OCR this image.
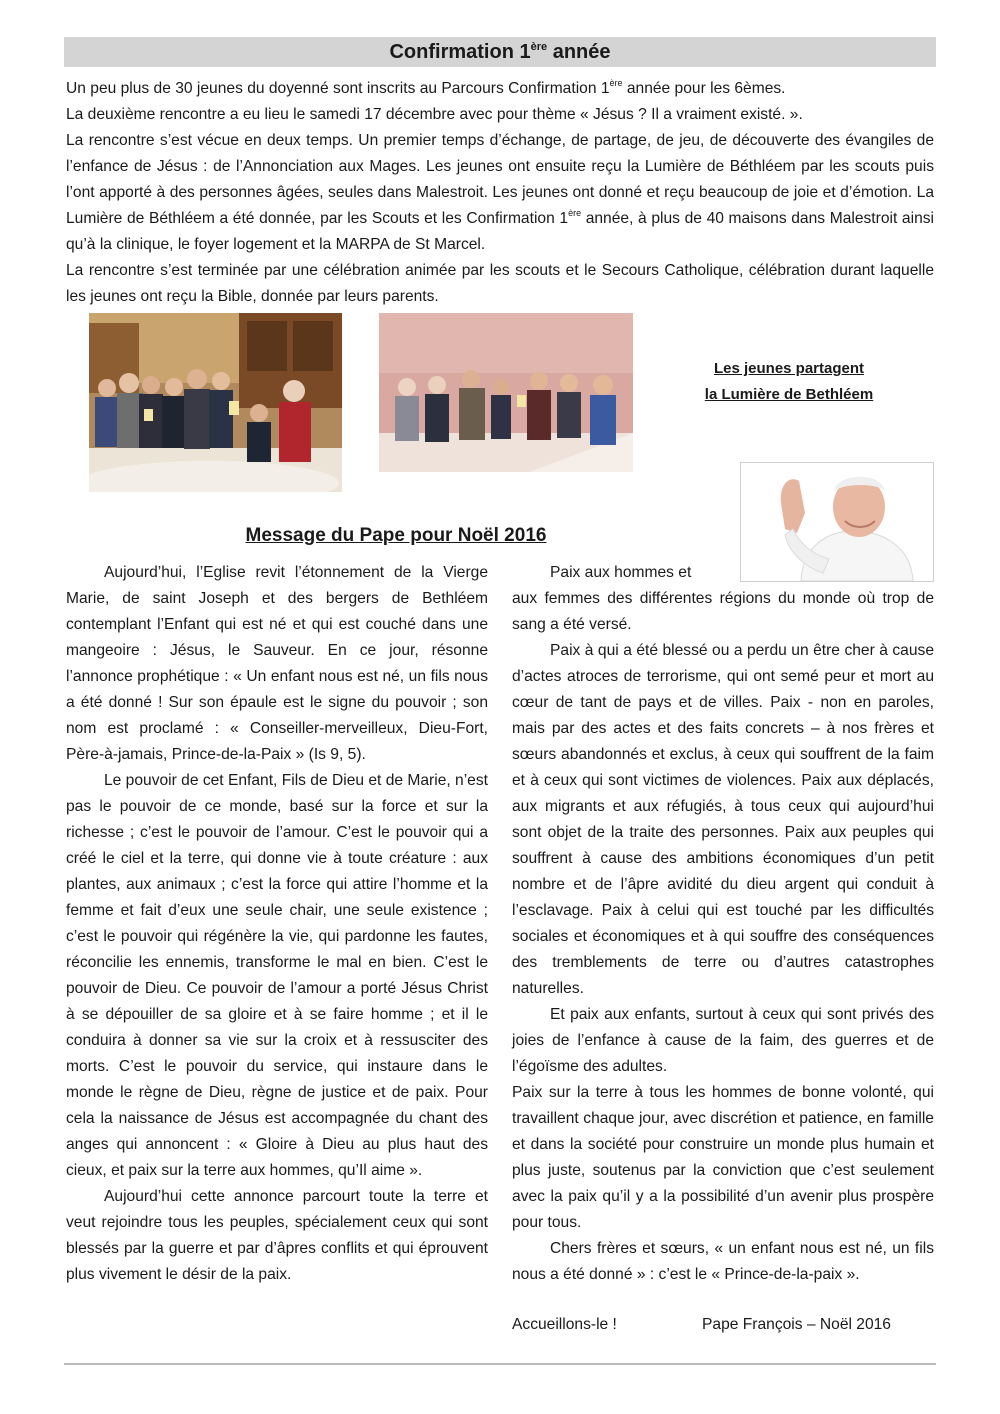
Confirmation 1ère année

Un peu plus de 30 jeunes du doyenné sont inscrits au Parcours Confirmation 1ère année pour les 6èmes.

La deuxième rencontre a eu lieu le samedi 17 décembre avec pour thème « Jésus ? Il a vraiment existé. ».

La rencontre s’est vécue en deux temps. Un premier temps d’échange, de partage, de jeu, de découverte des évangiles de l’enfance de Jésus : de l’Annonciation aux Mages. Les jeunes ont ensuite reçu la Lumière de Béthléem par les scouts puis l’ont apporté à des personnes âgées, seules dans Malestroit. Les jeunes ont donné et reçu beaucoup de joie et d’émotion. La Lumière de Béthléem a été donnée, par les Scouts et les Confirmation 1ère année, à plus de 40 maisons dans Malestroit ainsi qu’à la clinique, le foyer logement et la MARPA de St Marcel.

La rencontre s’est terminée par une célébration animée par les scouts et le Secours Catholique, célébration durant laquelle les jeunes ont reçu la Bible, donnée par leurs parents.

Les jeunes partagent
la Lumière de Bethléem
Message du Pape pour Noël 2016

Aujourd’hui, l’Eglise revit l’étonnement de la Vierge Marie, de saint Joseph et des bergers de Bethléem contemplant l’Enfant qui est né et qui est couché dans une mangeoire : Jésus, le Sauveur. En ce jour, résonne l’annonce prophétique : « Un enfant nous est né, un fils nous a été donné ! Sur son épaule est le signe du pouvoir ; son nom est proclamé : « Conseiller-merveilleux, Dieu-Fort, Père-à-jamais, Prince-de-la-Paix » (Is 9, 5).

Le pouvoir de cet Enfant, Fils de Dieu et de Marie, n’est pas le pouvoir de ce monde, basé sur la force et sur la richesse ; c’est le pouvoir de l’amour. C’est le pouvoir qui a créé le ciel et la terre, qui donne vie à toute créature : aux plantes, aux animaux ; c’est la force qui attire l’homme et la femme et fait d’eux une seule chair, une seule existence ; c’est le pouvoir qui régénère la vie, qui pardonne les fautes, réconcilie les ennemis, transforme le mal en bien. C’est le pouvoir de Dieu. Ce pouvoir de l’amour a porté Jésus Christ à se dépouiller de sa gloire et à se faire homme ; et il le conduira à donner sa vie sur la croix et à ressusciter des morts. C’est le pouvoir du service, qui instaure dans le monde le règne de Dieu, règne de justice et de paix. Pour cela la naissance de Jésus est accompagnée du chant des anges qui annoncent : « Gloire à Dieu au plus haut des cieux, et paix sur la terre aux hommes, qu’Il aime ».

Aujourd’hui cette annonce parcourt toute la terre et veut rejoindre tous les peuples, spécialement ceux qui sont blessés par la guerre et par d’âpres conflits et qui éprouvent plus vivement le désir de la paix.

Paix aux hommes et

aux femmes des différentes régions du monde où trop de sang a été versé.

Paix à qui a été blessé ou a perdu un être cher à cause d’actes atroces de terrorisme, qui ont semé peur et mort au cœur de tant de pays et de villes. Paix - non en paroles, mais par des actes et des faits concrets – à nos frères et sœurs abandonnés et exclus, à ceux qui souffrent de la faim et à ceux qui sont victimes de violences. Paix aux déplacés, aux migrants et aux réfugiés, à tous ceux qui aujourd’hui sont objet de la traite des personnes. Paix aux peuples qui souffrent à cause des ambitions économiques d’un petit nombre et de l’âpre avidité du dieu argent qui conduit à l’esclavage. Paix à celui qui est touché par les difficultés sociales et économiques et à qui souffre des conséquences des tremblements de terre ou d’autres catastrophes naturelles.

Et paix aux enfants, surtout à ceux qui sont privés des joies de l’enfance à cause de la faim, des guerres et de l’égoïsme des adultes.

Paix sur la terre à tous les hommes de bonne volonté, qui travaillent chaque jour, avec discrétion et patience, en famille et dans la société pour construire un monde plus humain et plus juste, soutenus par la conviction que c’est seulement avec la paix qu’il y a la possibilité d’un avenir plus prospère pour tous.

Chers frères et sœurs, « un enfant nous est né, un fils nous a été donné » : c’est le « Prince-de-la-paix ».

Accueillons-le !	Pape François – Noël 2016
